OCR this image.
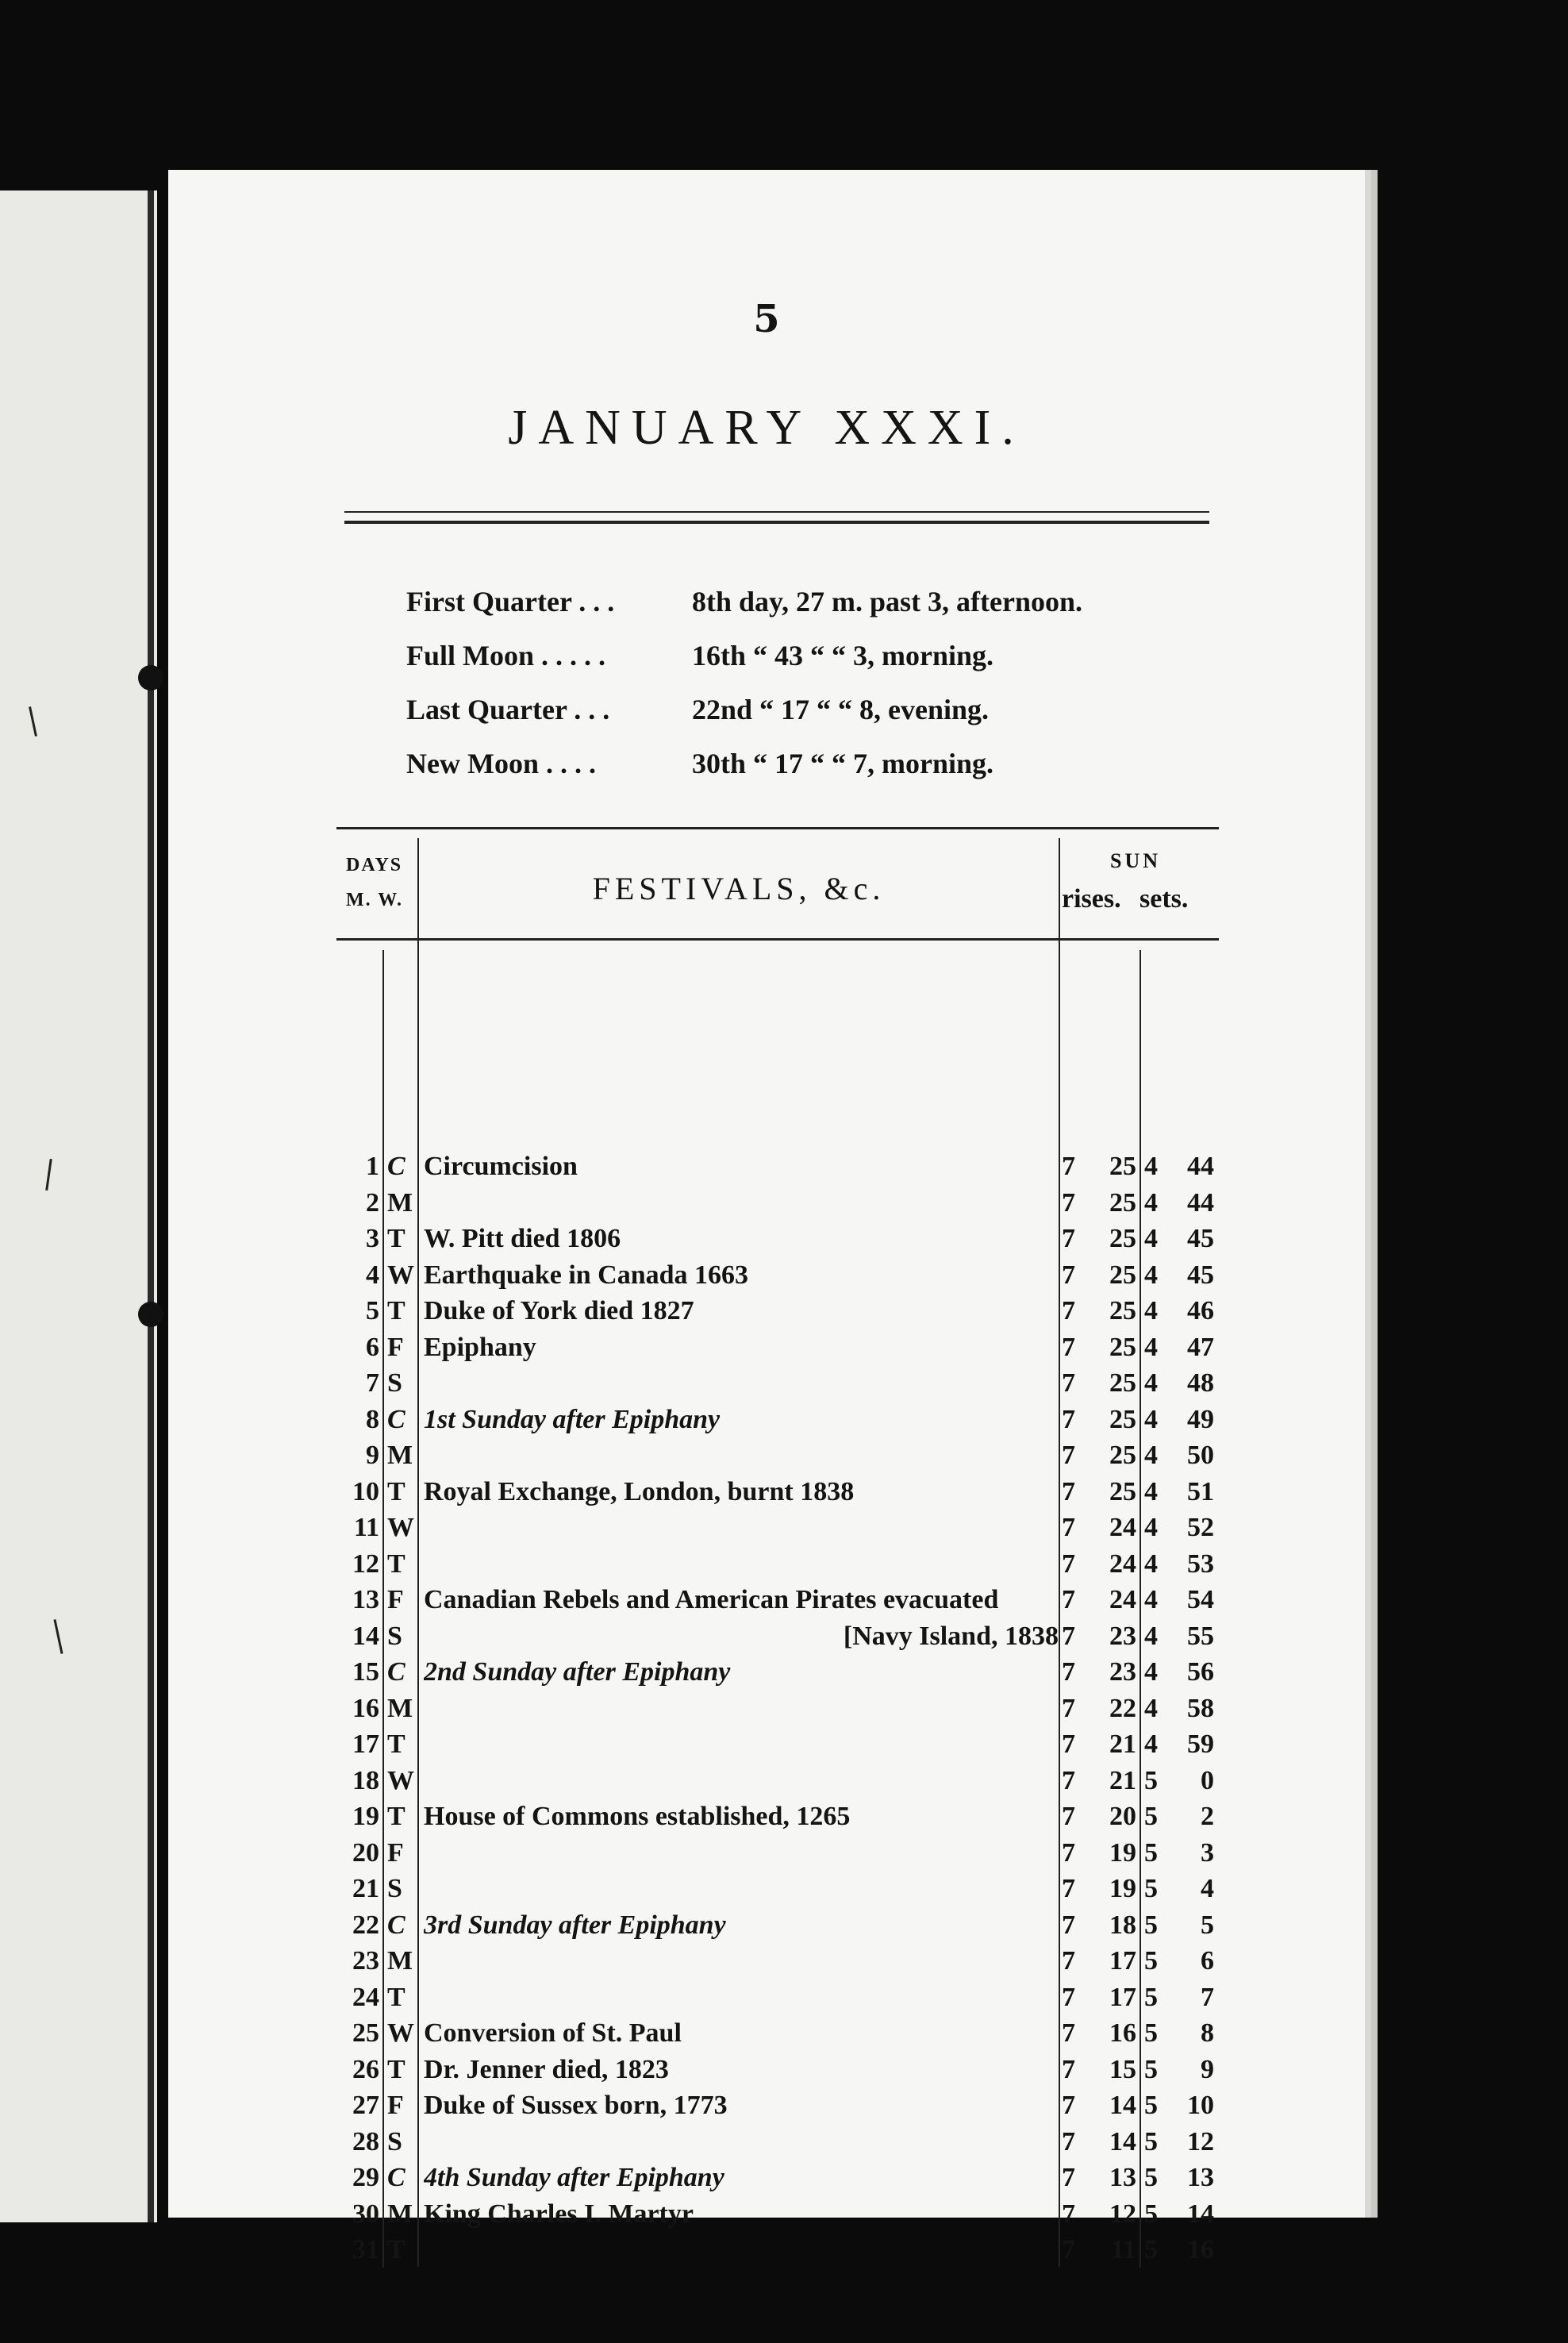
5
JANUARY XXXI.
First Quarter . . .	8th day, 27 m. past 3, afternoon.
Full Moon . . . . .	16th “ 43 “ “ 3, morning.
Last Quarter . . .	22nd “ 17 “ “ 8, evening.
New Moon . . . .	30th “ 17 “ “ 7, morning.
DAYS
M. W.	FESTIVALS, &c.
SUN
rises. sets.
1 C Circumcision	7	25 4	44
2 M	7	25 4	44
3 T W. Pitt died 1806	7	25 4	45
4 W Earthquake in Canada 1663	7	25 4	45
5 T Duke of York died 1827	7	25 4	46
6 F Epiphany	7	25 4	47
7 S	7	25 4	48
8 C 1st Sunday after Epiphany	7	25 4	49
9 M	7	25 4	50
10 T Royal Exchange, London, burnt 1838	7	25 4	51
11 W	7	24 4	52
12 T	7	24 4	53
13 F Canadian Rebels and American Pirates evacuated	7	24 4	54
14 S	[Navy Island, 1838 7	23 4	55
15 C 2nd Sunday after Epiphany	7	23 4	56
16 M	7	22 4	58
17 T	7	21 4	59
18 W	7	21 5	0
19 T House of Commons established, 1265	7	20 5	2
20 F	7	19 5	3
21 S	7	19 5	4
22 C 3rd Sunday after Epiphany	7	18 5	5
23 M	7	17 5	6
24 T	7	17 5	7
25 W Conversion of St. Paul	7	16 5	8
26 T Dr. Jenner died, 1823	7	15 5	9
27 F Duke of Sussex born, 1773	7	14 5	10
28 S	7	14 5	12
29 C 4th Sunday after Epiphany	7	13 5	13
30 M King Charles I. Martyr	7	12 5	14
31 T	7	11 5	16
